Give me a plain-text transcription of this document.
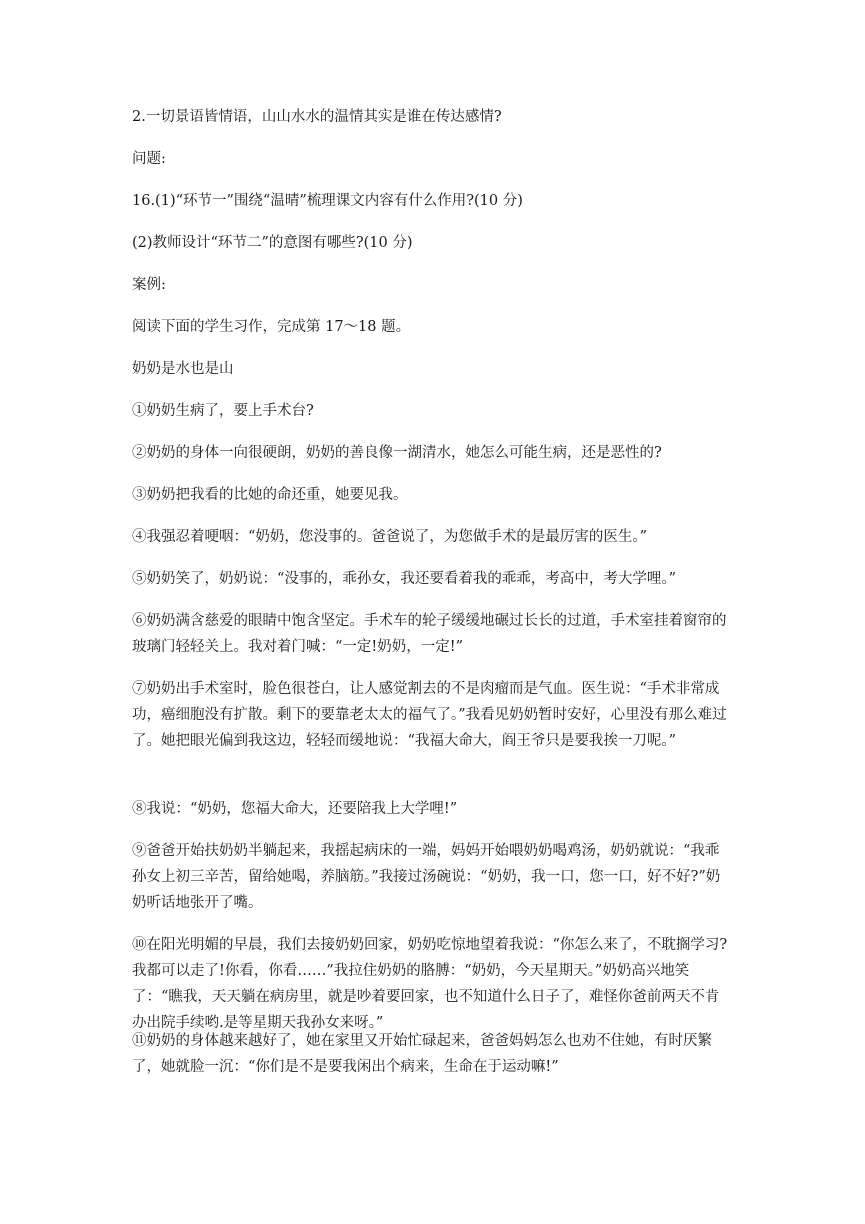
2.一切景语皆情语，山山水水的温情其实是谁在传达感情?

问题:

16.(1)“环节一”围绕“温晴”梳理课文内容有什么作用?(10 分)

(2)教师设计“环节二”的意图有哪些?(10 分)

案例:

阅读下面的学生习作，完成第 17～18 题。

奶奶是水也是山

①奶奶生病了，要上手术台?

②奶奶的身体一向很硬朗，奶奶的善良像一湖清水，她怎么可能生病，还是恶性的?

③奶奶把我看的比她的命还重，她要见我。

④我强忍着哽咽：“奶奶，您没事的。爸爸说了，为您做手术的是最厉害的医生。”

⑤奶奶笑了，奶奶说：“没事的，乖孙女，我还要看着我的乖乖，考高中，考大学哩。”

⑥奶奶满含慈爱的眼睛中饱含坚定。手术车的轮子缓缓地碾过长长的过道，手术室挂着窗帘的玻璃门轻轻关上。我对着门喊：“一定!奶奶，一定!”

⑦奶奶出手术室时，脸色很苍白，让人感觉割去的不是肉瘤而是气血。医生说：“手术非常成功，癌细胞没有扩散。剩下的要靠老太太的福气了。”我看见奶奶暂时安好，心里没有那么难过了。她把眼光偏到我这边，轻轻而缓地说：“我福大命大，阎王爷只是要我挨一刀呢。”

⑧我说：“奶奶，您福大命大，还要陪我上大学哩!”

⑨爸爸开始扶奶奶半躺起来，我摇起病床的一端，妈妈开始喂奶奶喝鸡汤，奶奶就说：“我乖孙女上初三辛苦，留给她喝，养脑筋。”我接过汤碗说：“奶奶，我一口，您一口，好不好?”奶奶听话地张开了嘴。

⑩在阳光明媚的早晨，我们去接奶奶回家，奶奶吃惊地望着我说：“你怎么来了，不耽搁学习?我都可以走了!你看，你看……”我拉住奶奶的胳膊：“奶奶，今天星期天。”奶奶高兴地笑了：“瞧我，天天躺在病房里，就是吵着要回家，也不知道什么日子了，难怪你爸前两天不肯办出院手续哟.是等星期天我孙女来呀。”

⑪奶奶的身体越来越好了，她在家里又开始忙碌起来，爸爸妈妈怎么也劝不住她，有时厌繁了，她就脸一沉：“你们是不是要我闲出个病来，生命在于运动嘛!”
